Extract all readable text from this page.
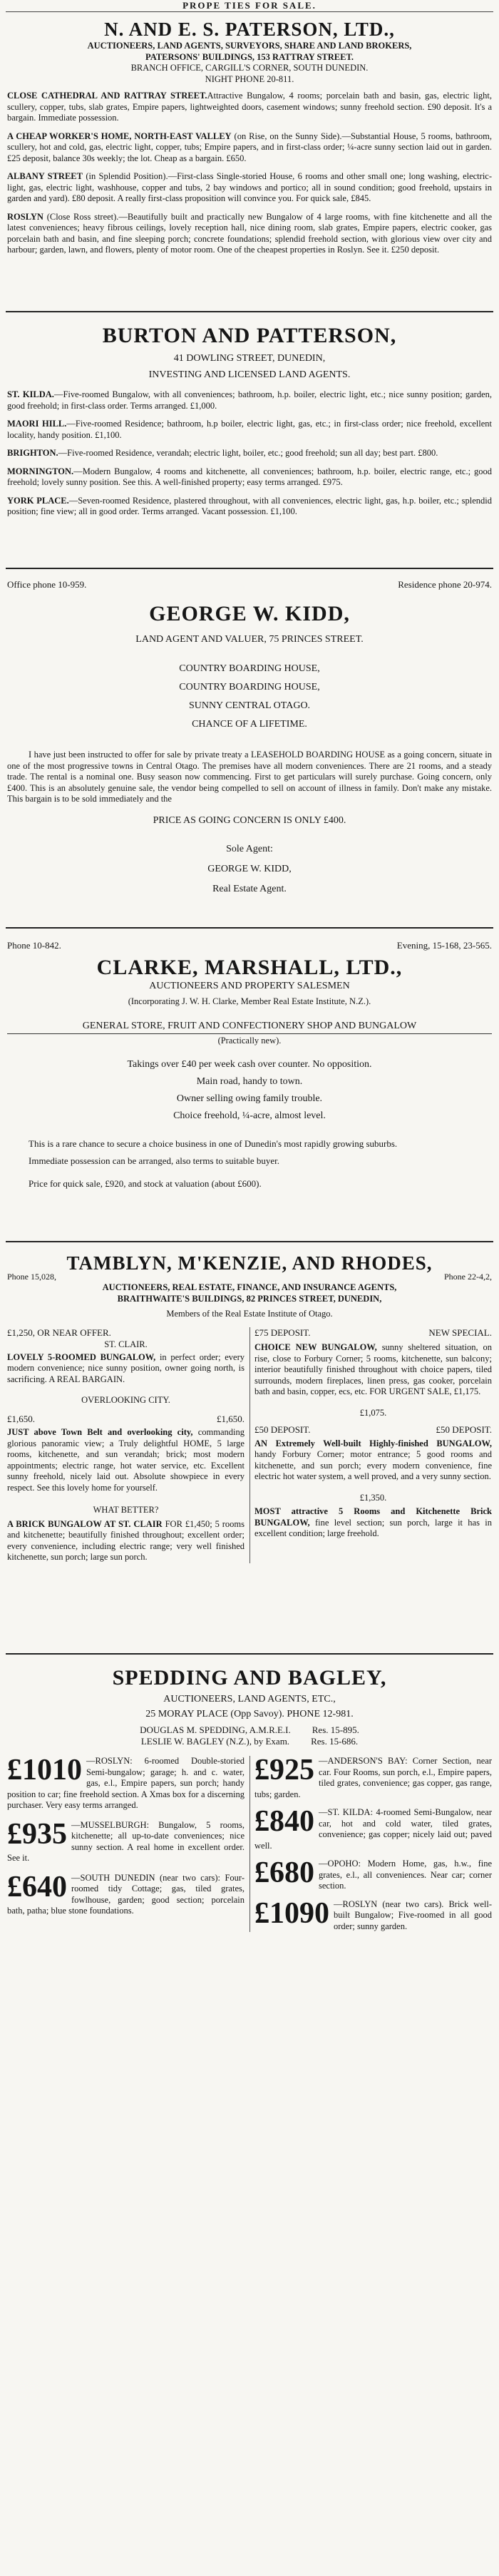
PROPE TIES FOR SALE.
N. AND E. S. PATERSON, LTD.,
AUCTIONEERS, LAND AGENTS, SURVEYORS, SHARE AND LAND BROKERS,
PATERSONS' BUILDINGS, 153 RATTRAY STREET.
BRANCH OFFICE, CARGILL'S CORNER, SOUTH DUNEDIN.
NIGHT PHONE 20-811.
CLOSE CATHEDRAL AND RATTRAY STREET.Attractive Bungalow, 4 rooms; porcelain bath and basin, gas, electric light, scullery, copper, tubs, slab grates, Empire papers, lightweighted doors, casement windows; sunny freehold section. £90 deposit. It's a bargain. Immediate possession.
A CHEAP WORKER'S HOME, NORTH-EAST VALLEY (on Rise, on the Sunny Side).—Substantial House, 5 rooms, bathroom, scullery, hot and cold, gas, electric light, copper, tubs; Empire papers, and in first-class order; ¼-acre sunny section laid out in garden. £25 deposit, balance 30s weekly; the lot. Cheap as a bargain. £650.
ALBANY STREET (in Splendid Position).—First-class Single-storied House, 6 rooms and other small one; long washing, electric-light, gas, electric light, washhouse, copper and tubs, 2 bay windows and portico; all in sound condition; good freehold, upstairs in garden and yard). £80 deposit. A really first-class proposition will convince you. For quick sale, £845.
ROSLYN (Close Ross street).—Beautifully built and practically new Bungalow of 4 large rooms, with fine kitchenette and all the latest conveniences; heavy fibrous ceilings, lovely reception hall, nice dining room, slab grates, Empire papers, electric cooker, gas porcelain bath and basin, and fine sleeping porch; concrete foundations; splendid freehold section, with glorious view over city and harbour; garden, lawn, and flowers, plenty of motor room. One of the cheapest properties in Roslyn. See it. £250 deposit.
BURTON AND PATTERSON,
41 DOWLING STREET, DUNEDIN,
INVESTING AND LICENSED LAND AGENTS.
ST. KILDA.—Five-roomed Bungalow, with all conveniences; bathroom, h.p. boiler, electric light, etc.; nice sunny position; garden, good freehold; in first-class order. Terms arranged. £1,000.
MAORI HILL.—Five-roomed Residence; bathroom, h.p boiler, electric light, gas, etc.; in first-class order; nice freehold, excellent locality, handy position. £1,100.
BRIGHTON.—Five-roomed Residence, verandah; electric light, boiler, etc.; good freehold; sun all day; best part. £800.
MORNINGTON.—Modern Bungalow, 4 rooms and kitchenette, all conveniences; bathroom, h.p. boiler, electric range, etc.; good freehold; lovely sunny position. See this. A well-finished property; easy terms arranged. £975.
YORK PLACE.—Seven-roomed Residence, plastered throughout, with all conveniences, electric light, gas, h.p. boiler, etc.; splendid position; fine view; all in good order. Terms arranged. Vacant possession. £1,100.
Office phone 10-959.	Residence phone 20-974.
GEORGE W. KIDD,
LAND AGENT AND VALUER, 75 PRINCES STREET.
COUNTRY BOARDING HOUSE,
COUNTRY BOARDING HOUSE,
SUNNY CENTRAL OTAGO.
CHANCE OF A LIFETIME.
I have just been instructed to offer for sale by private treaty a LEASEHOLD BOARDING HOUSE as a going concern, situate in one of the most progressive towns in Central Otago. The premises have all modern conveniences. There are 21 rooms, and a steady trade. The rental is a nominal one. Busy season now commencing. First to get particulars will surely purchase. Going concern, only £400. This is an absolutely genuine sale, the vendor being compelled to sell on account of illness in family. Don't make any mistake. This bargain is to be sold immediately and the
PRICE AS GOING CONCERN IS ONLY £400.
Sole Agent:
GEORGE W. KIDD,
Real Estate Agent.
Phone 10-842.	Evening, 15-168, 23-565.
CLARKE, MARSHALL, LTD.,
AUCTIONEERS AND PROPERTY SALESMEN
(Incorporating J. W. H. Clarke, Member Real Estate Institute, N.Z.).
GENERAL STORE, FRUIT AND CONFECTIONERY SHOP AND BUNGALOW
(Practically new).
Takings over £40 per week cash over counter. No opposition.
Main road, handy to town.
Owner selling owing family trouble.
Choice freehold, ¼-acre, almost level.
This is a rare chance to secure a choice business in one of Dunedin's most rapidly growing suburbs.
Immediate possession can be arranged, also terms to suitable buyer.
Price for quick sale, £920, and stock at valuation (about £600).
TAMBLYN, M'KENZIE, AND RHODES,
Phone 15,028,	Phone 22-4,2,
AUCTIONEERS, REAL ESTATE, FINANCE, AND INSURANCE AGENTS,
BRAITHWAITE'S BUILDINGS, 82 PRINCES STREET, DUNEDIN,
Members of the Real Estate Institute of Otago.
£1,250, OR NEAR OFFER.
ST. CLAIR.
LOVELY 5-ROOMED BUNGALOW, in perfect order; every modern convenience; nice sunny position, owner going north, is sacrificing. A REAL BARGAIN.
OVERLOOKING CITY.
£1,650.	£1,650.
JUST above Town Belt and overlooking city, commanding glorious panoramic view; a Truly delightful HOME, 5 large rooms, kitchenette, and sun verandah; brick; most modern appointments; electric range, hot water service, etc. Excellent sunny freehold, nicely laid out. Absolute showpiece in every respect. See this lovely home for yourself.
WHAT BETTER?
A BRICK BUNGALOW AT ST. CLAIR FOR £1,450; 5 rooms and kitchenette; beautifully finished throughout; excellent order; every convenience, including electric range; very well finished kitchenette, sun porch; large sun porch.
£75 DEPOSIT.	NEW SPECIAL.
CHOICE NEW BUNGALOW, sunny sheltered situation, on rise, close to Forbury Corner; 5 rooms, kitchenette, sun balcony; interior beautifully finished throughout with choice papers, tiled surrounds, modern fireplaces, linen press, gas cooker, porcelain bath and basin, copper, ecs, etc. FOR URGENT SALE, £1,175.
£1,075.
£50 DEPOSIT.	£50 DEPOSIT.
AN Extremely Well-built Highly-finished BUNGALOW, handy Forbury Corner; motor entrance; 5 good rooms and kitchenette, and sun porch; every modern convenience, fine electric hot water system, a well proved, and a very sunny section.
£1,350.
MOST attractive 5 Rooms and Kitchenette Brick BUNGALOW, fine level section; sun porch, large it has in excellent condition; large freehold.
SPEDDING AND BAGLEY,
AUCTIONEERS, LAND AGENTS, ETC.,
25 MORAY PLACE (Opp Savoy). PHONE 12-981.
DOUGLAS M. SPEDDING, A.M.R.E.I. Res. 15-895.
LESLIE W. BAGLEY (N.Z.), by Exam. Res. 15-686.
£1010 —ROSLYN: 6-roomed Double-storied Semi-bungalow; garage; h. and c. water, gas, e.l., Empire papers, sun porch; handy position to car; fine freehold section. A Xmas box for a discerning purchaser. Very easy terms arranged.
£935 —MUSSELBURGH: Bungalow, 5 rooms, kitchenette; all up-to-date conveniences; nice sunny section. A real home in excellent order. See it.
£640 —SOUTH DUNEDIN (near two cars): Four-roomed tidy Cottage; gas, tiled grates, fowlhouse, garden; good section; porcelain bath, patha; blue stone foundations.
£925 —ANDERSON'S BAY: Corner Section, near car. Four Rooms, sun porch, e.l., Empire papers, tiled grates, convenience; gas copper, gas range, tubs; garden.
£840 —ST. KILDA: 4-roomed Semi-Bungalow, near car, hot and cold water, tiled grates, convenience; gas copper; nicely laid out; paved well.
£680 —OPOHO: Modern Home, gas, h.w., fine grates, e.l., all conveniences. Near car; corner section.
£1090 —ROSLYN (near two cars). Brick well-built Bungalow; Five-roomed in all good order; sunny garden.
